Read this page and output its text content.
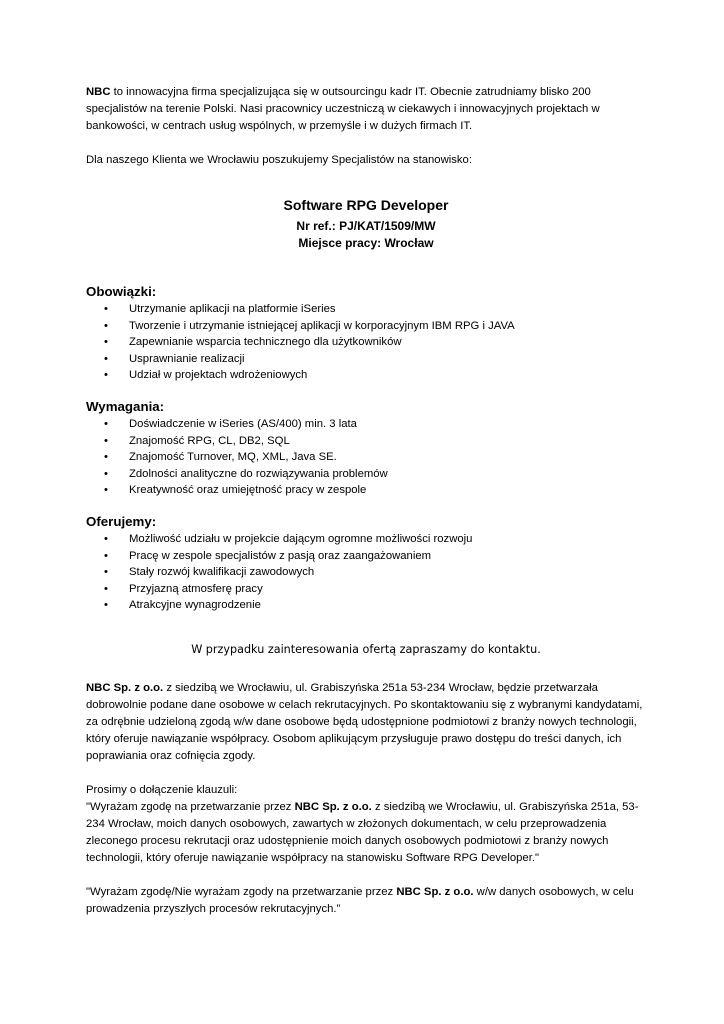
NBC to innowacyjna firma specjalizująca się w outsourcingu kadr IT. Obecnie zatrudniamy blisko 200 specjalistów na terenie Polski. Nasi pracownicy uczestniczą w ciekawych i innowacyjnych projektach w bankowości, w centrach usług wspólnych, w przemyśle i w dużych firmach IT.

Dla naszego Klienta we Wrocławiu poszukujemy Specjalistów na stanowisko:

Software RPG Developer

Nr ref.: PJ/KAT/1509/MW

Miejsce pracy: Wrocław

Obowiązki:
• Utrzymanie aplikacji na platformie iSeries
• Tworzenie i utrzymanie istniejącej aplikacji w korporacyjnym IBM RPG i JAVA
• Zapewnianie wsparcia technicznego dla użytkowników
• Usprawnianie realizacji
• Udział w projektach wdrożeniowych
Wymagania:
• Doświadczenie w iSeries (AS/400) min. 3 lata
• Znajomość RPG, CL, DB2, SQL
• Znajomość Turnover, MQ, XML, Java SE.
• Zdolności analityczne do rozwiązywania problemów
• Kreatywność oraz umiejętność pracy w zespole
Oferujemy:
• Możliwość udziału w projekcie dającym ogromne możliwości rozwoju
• Pracę w zespole specjalistów z pasją oraz zaangażowaniem
• Stały rozwój kwalifikacji zawodowych
• Przyjazną atmosferę pracy
• Atrakcyjne wynagrodzenie

W przypadku zainteresowania ofertą zapraszamy do kontaktu.

NBC Sp. z o.o. z siedzibą we Wrocławiu, ul. Grabiszyńska 251a 53-234 Wrocław, będzie przetwarzała dobrowolnie podane dane osobowe w celach rekrutacyjnych. Po skontaktowaniu się z wybranymi kandydatami, za odrębnie udzieloną zgodą w/w dane osobowe będą udostępnione podmiotowi z branży nowych technologii, który oferuje nawiązanie współpracy. Osobom aplikującym przysługuje prawo dostępu do treści danych, ich poprawiania oraz cofnięcia zgody.

Prosimy o dołączenie klauzuli:

"Wyrażam zgodę na przetwarzanie przez NBC Sp. z o.o. z siedzibą we Wrocławiu, ul. Grabiszyńska 251a, 53-234 Wrocław, moich danych osobowych, zawartych w złożonych dokumentach, w celu przeprowadzenia zleconego procesu rekrutacji oraz udostępnienie moich danych osobowych podmiotowi z branży nowych technologii, który oferuje nawiązanie współpracy na stanowisku Software RPG Developer."

"Wyrażam zgodę/Nie wyrażam zgody na przetwarzanie przez NBC Sp. z o.o. w/w danych osobowych, w celu prowadzenia przyszłych procesów rekrutacyjnych.”
